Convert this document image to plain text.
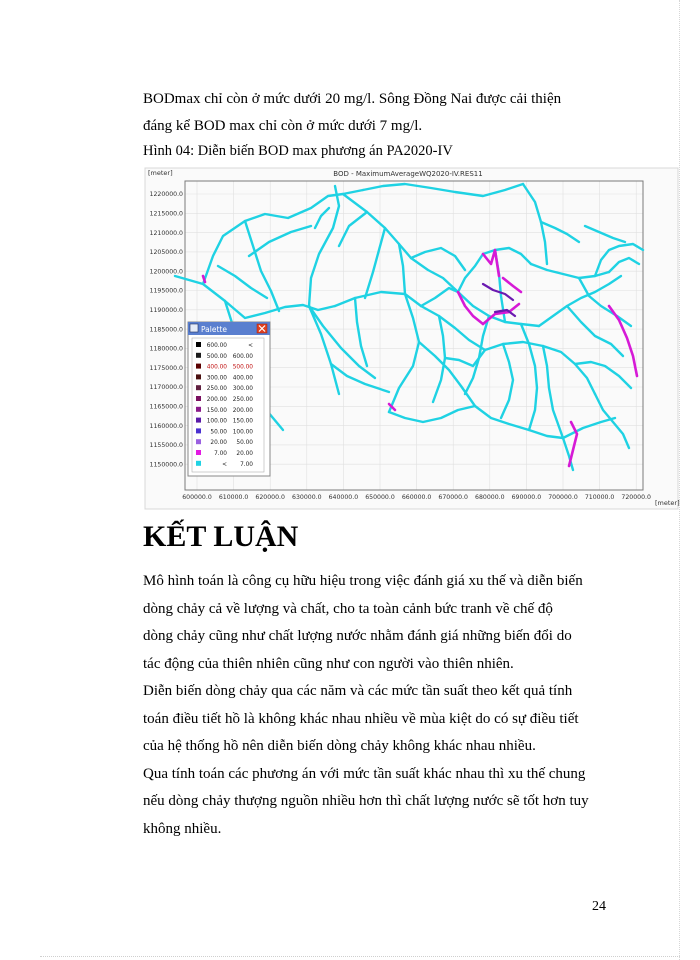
BODmax chỉ còn ở mức dưới 20 mg/l. Sông Đồng Nai được cải thiện
đáng kể BOD max chỉ còn ở mức dưới 7 mg/l.
Hình 04: Diễn biến BOD max phương án PA2020-IV
[meter]	BOD - MaximumAverageWQ2020-IV.RES11
[meter]
1220000.0
1215000.0
1210000.0
1205000.0
1200000.0
1195000.0
1190000.0
1185000.0
1180000.0
1175000.0
1170000.0
1165000.0
1160000.0
1155000.0
1150000.0
600000.0 610000.0 620000.0 630000.0 640000.0 650000.0 660000.0 670000.0 680000.0 690000.0 700000.0 710000.0 720000.0
Palette
600.00	<
500.00 600.00
400.00 500.00
300.00 400.00
250.00 300.00
200.00 250.00
150.00 200.00
100.00 150.00
50.00 100.00
20.00 50.00
7.00 20.00
< 7.00
KẾT LUẬN
Mô hình toán là công cụ hữu hiệu trong việc đánh giá xu thế và diễn biến
dòng chảy cả về lượng và chất, cho ta toàn cảnh bức tranh về chế độ
dòng chảy cũng như chất lượng nước nhằm đánh giá những biến đổi do
tác động của thiên nhiên cũng như con người vào thiên nhiên.
Diễn biến dòng chảy qua các năm và các mức tần suất theo kết quả tính
toán điều tiết hồ là không khác nhau nhiều về mùa kiệt do có sự điều tiết
của hệ thống hồ nên diễn biến dòng chảy không khác nhau nhiều.
Qua tính toán các phương án với mức tần suất khác nhau thì xu thế chung
nếu dòng chảy thượng nguồn nhiều hơn thì chất lượng nước sẽ tốt hơn tuy
không nhiều.
24
